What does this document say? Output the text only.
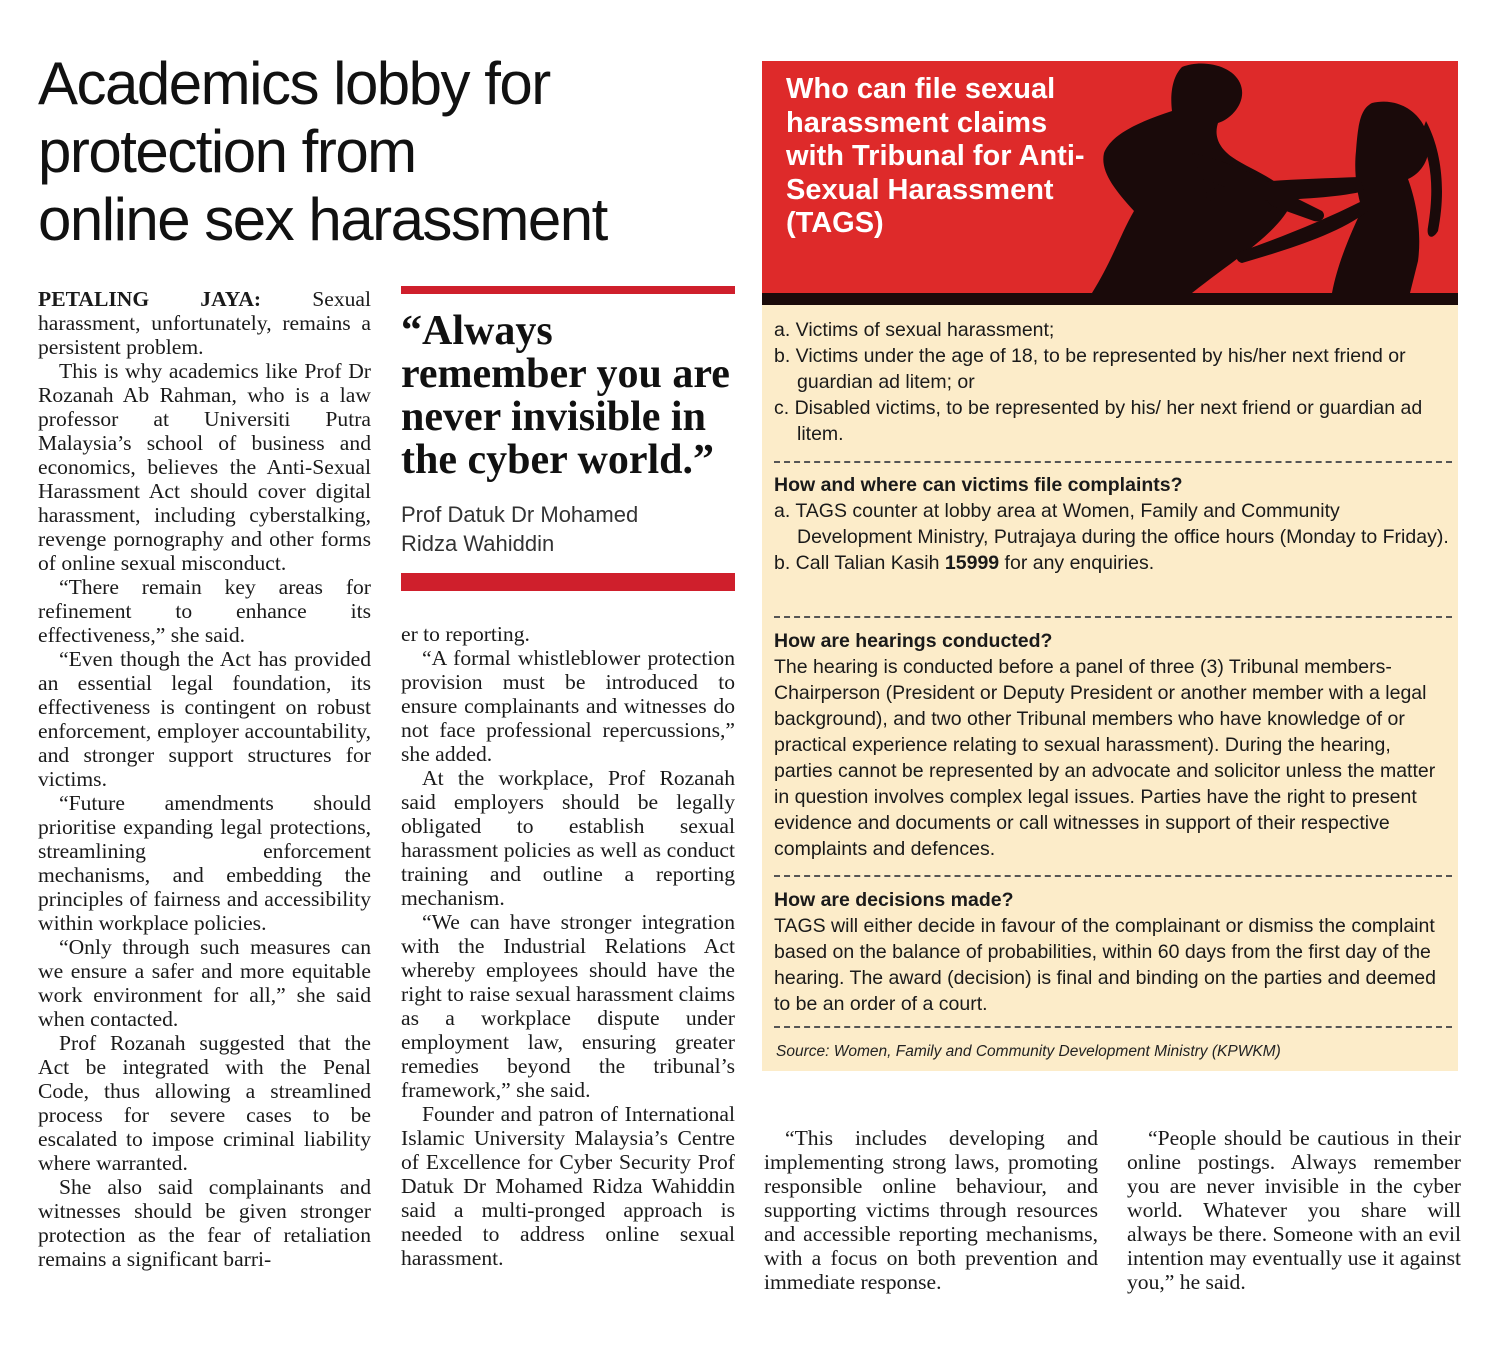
Academics lobby for
protection from
online sex harassment

PETALING JAYA: Sexual harassment, unfortunately, remains a persistent problem.

This is why academics like Prof Dr Rozanah Ab Rahman, who is a law professor at Universiti Putra Malaysia’s school of business and economics, believes the Anti-Sexual Harassment Act should cover digital harassment, including cyberstalking, revenge pornography and other forms of online sexual misconduct.

“There remain key areas for refinement to enhance its effectiveness,” she said.

“Even though the Act has provided an essential legal foundation, its effectiveness is contingent on robust enforcement, employer accountability, and stronger support structures for victims.

“Future amendments should prioritise expanding legal protections, streamlining enforcement mechanisms, and embedding the principles of fairness and accessibility within workplace policies.

“Only through such measures can we ensure a safer and more equitable work environment for all,” she said when contacted.

Prof Rozanah suggested that the Act be integrated with the Penal Code, thus allowing a streamlined process for severe cases to be escalated to impose criminal liability where warranted.

She also said complainants and witnesses should be given stronger protection as the fear of retaliation remains a significant barri-

“Always remember you are never invisible in the cyber world.”

Prof Datuk Dr Mohamed
Ridza Wahiddin

er to reporting.

“A formal whistleblower protection provision must be introduced to ensure complainants and witnesses do not face professional repercussions,” she added.

At the workplace, Prof Rozanah said employers should be legally obligated to establish sexual harassment policies as well as conduct training and outline a reporting mechanism.

“We can have stronger integration with the Industrial Relations Act whereby employees should have the right to raise sexual harassment claims as a workplace dispute under employment law, ensuring greater remedies beyond the tribunal’s framework,” she said.

Founder and patron of International Islamic University Malaysia’s Centre of Excellence for Cyber Security Prof Datuk Dr Mohamed Ridza Wahiddin said a multi-pronged approach is needed to address online sexual harassment.

“This includes developing and implementing strong laws, promoting responsible online behaviour, and supporting victims through resources and accessible reporting mechanisms, with a focus on both prevention and immediate response.

“People should be cautious in their online postings. Always remember you are never invisible in the cyber world. Whatever you share will always be there. Someone with an evil intention may eventually use it against you,” he said.

Who can file sexual harassment claims with Tribunal for Anti-Sexual Harassment (TAGS)

a. Victims of sexual harassment;

b. Victims under the age of 18, to be represented by his/her next friend or guardian ad litem; or

c. Disabled victims, to be represented by his/ her next friend or guardian ad litem.

How and where can victims file complaints?

a. TAGS counter at lobby area at Women, Family and Community Development Ministry, Putrajaya during the office hours (Monday to Friday).

b. Call Talian Kasih 15999 for any enquiries.

How are hearings conducted?

The hearing is conducted before a panel of three (3) Tribunal members-Chairperson (President or Deputy President or another member with a legal background), and two other Tribunal members who have knowledge of or practical experience relating to sexual harassment). During the hearing, parties cannot be represented by an advocate and solicitor unless the matter in question involves complex legal issues. Parties have the right to present evidence and documents or call witnesses in support of their respective complaints and defences.

How are decisions made?

TAGS will either decide in favour of the complainant or dismiss the complaint based on the balance of probabilities, within 60 days from the first day of the hearing. The award (decision) is final and binding on the parties and deemed to be an order of a court.

Source: Women, Family and Community Development Ministry (KPWKM)
